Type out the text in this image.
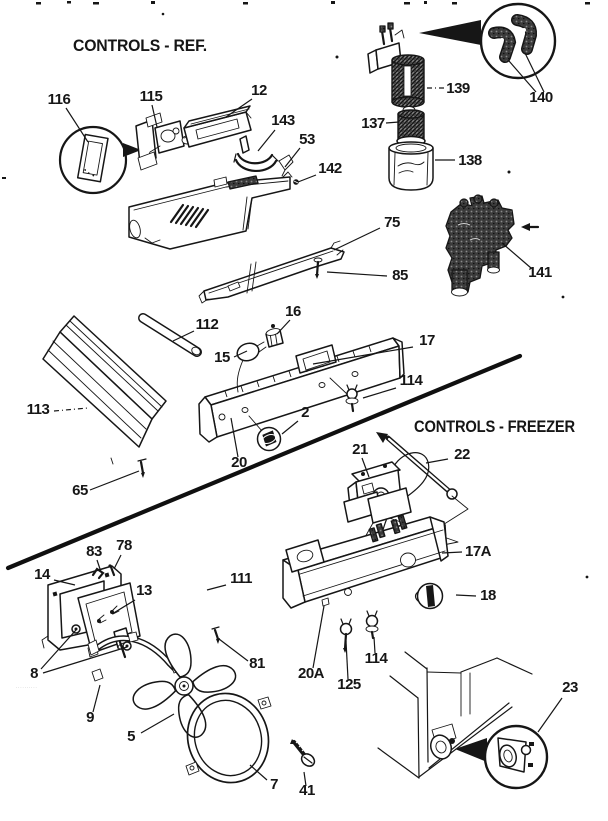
CONTROLS - REF.
CONTROLS - FREEZER
··········
116	115	12
143
53
142
137
139
138
140
141
75
85
112
16
15
17
114
2
113
20
65
21	22
17A
18
14
83 78
13
111
8
9
5
7 41
81
20A
125
114
23
